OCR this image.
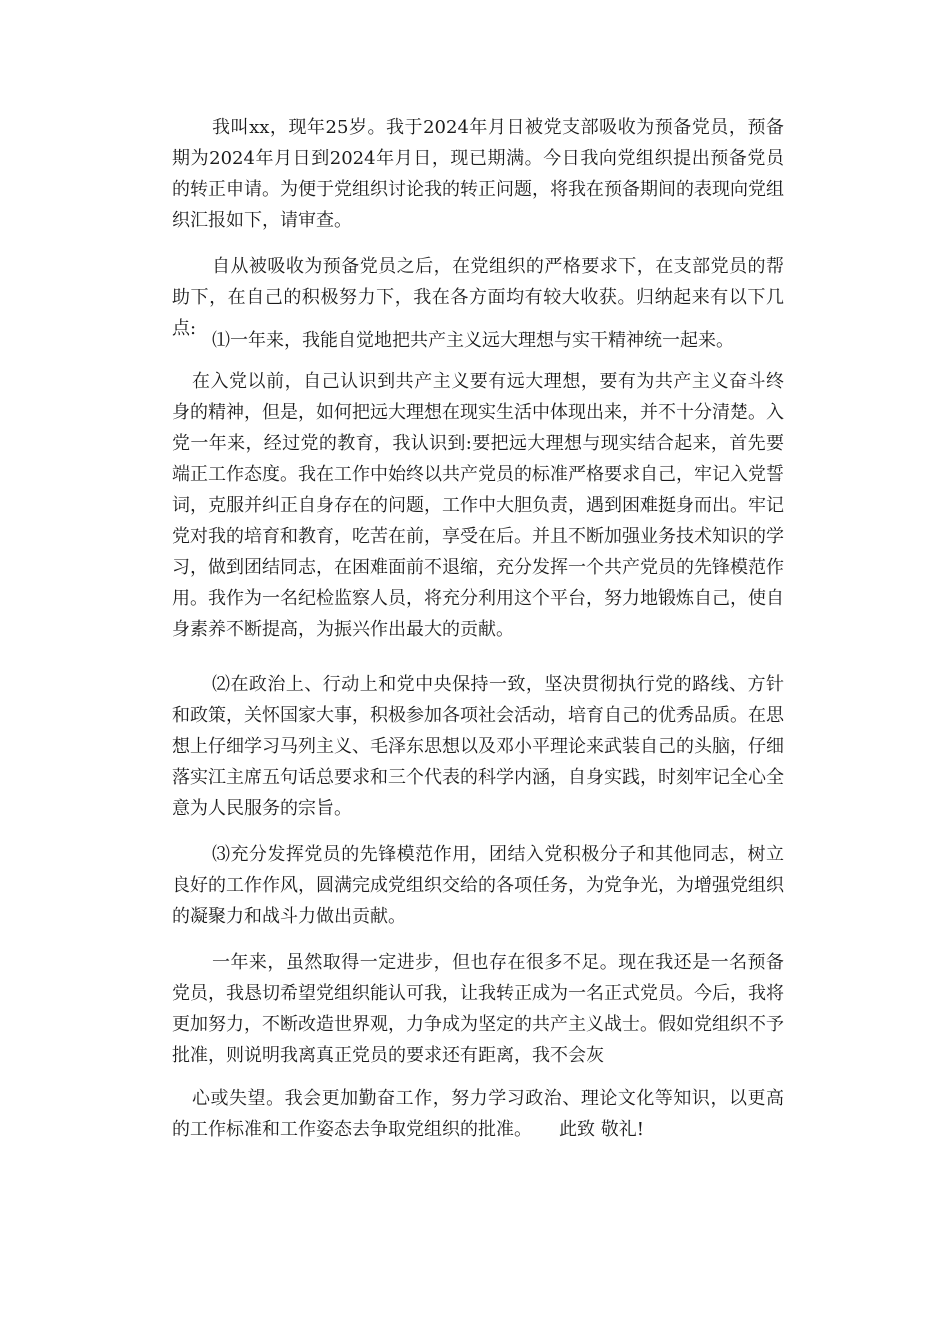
我叫xx，现年25岁。我于2024年月日被党支部吸收为预备党员，预备期为2024年月日到2024年月日，现已期满。今日我向党组织提出预备党员的转正申请。为便于党组织讨论我的转正问题，将我在预备期间的表现向党组织汇报如下，请审查。

自从被吸收为预备党员之后，在党组织的严格要求下，在支部党员的帮助下，在自己的积极努力下，我在各方面均有较大收获。归纳起来有以下几点:

⑴一年来，我能自觉地把共产主义远大理想与实干精神统一起来。

在入党以前，自己认识到共产主义要有远大理想，要有为共产主义奋斗终身的精神，但是，如何把远大理想在现实生活中体现出来，并不十分清楚。入党一年来，经过党的教育，我认识到:要把远大理想与现实结合起来，首先要端正工作态度。我在工作中始终以共产党员的标准严格要求自己，牢记入党誓词，克服并纠正自身存在的问题，工作中大胆负责，遇到困难挺身而出。牢记党对我的培育和教育，吃苦在前，享受在后。并且不断加强业务技术知识的学习，做到团结同志，在困难面前不退缩，充分发挥一个共产党员的先锋模范作用。我作为一名纪检监察人员，将充分利用这个平台，努力地锻炼自己，使自身素养不断提高，为振兴作出最大的贡献。

⑵在政治上、行动上和党中央保持一致，坚决贯彻执行党的路线、方针和政策，关怀国家大事，积极参加各项社会活动，培育自己的优秀品质。在思想上仔细学习马列主义、毛泽东思想以及邓小平理论来武装自己的头脑，仔细落实江主席五句话总要求和三个代表的科学内涵，自身实践，时刻牢记全心全意为人民服务的宗旨。

⑶充分发挥党员的先锋模范作用，团结入党积极分子和其他同志，树立良好的工作作风，圆满完成党组织交给的各项任务，为党争光，为增强党组织的凝聚力和战斗力做出贡献。

一年来，虽然取得一定进步，但也存在很多不足。现在我还是一名预备党员，我恳切希望党组织能认可我，让我转正成为一名正式党员。今后，我将更加努力，不断改造世界观，力争成为坚定的共产主义战士。假如党组织不予批准，则说明我离真正党员的要求还有距离，我不会灰

心或失望。我会更加勤奋工作，努力学习政治、理论文化等知识，以更高的工作标准和工作姿态去争取党组织的批准。　　此致 敬礼!
